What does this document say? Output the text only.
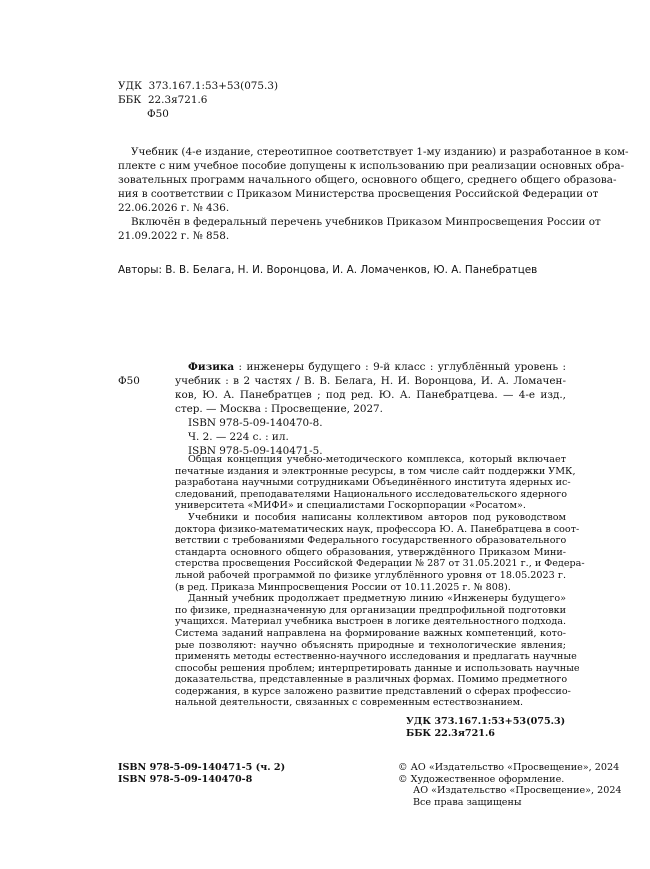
УДК 373.167.1:53+53(075.3)
ББК 22.3я721.6
Ф50
Учебник (4-е издание, стереотипное соответствует 1-му изданию) и разработанное в ком-
плекте с ним учебное пособие допущены к использованию при реализации основных обра-
зовательных программ начального общего, основного общего, среднего общего образова-
ния в соответствии с Приказом Министерства просвещения Российской Федерации от
22.06.2026 г. № 436.
Включён в федеральный перечень учебников Приказом Минпросвещения России от
21.09.2022 г. № 858.
Авторы: В. В. Белага, Н. И. Воронцова, И. А. Ломаченков, Ю. А. Панебратцев
Ф50
Физика : инженеры будущего : 9-й класс : углублённый уровень :
учебник : в 2 частях / В. В. Белага, Н. И. Воронцова, И. А. Ломачен-
ков, Ю. А. Панебратцев ; под ред. Ю. А. Панебратцева. — 4-е изд.,
стер. — Москва : Просвещение, 2027.
ISBN 978-5-09-140470-8.
Ч. 2. — 224 с. : ил.
ISBN 978-5-09-140471-5.
Общая концепция учебно-методического комплекса, который включает
печатные издания и электронные ресурсы, в том числе сайт поддержки УМК,
разработана научными сотрудниками Объединённого института ядерных ис-
следований, преподавателями Национального исследовательского ядерного
университета «МИФИ» и специалистами Госкорпорации «Росатом».
Учебники и пособия написаны коллективом авторов под руководством
доктора физико-математических наук, профессора Ю. А. Панебратцева в соот-
ветствии с требованиями Федерального государственного образовательного
стандарта основного общего образования, утверждённого Приказом Мини-
стерства просвещения Российской Федерации № 287 от 31.05.2021 г., и Федера-
льной рабочей программой по физике углублённого уровня от 18.05.2023 г.
(в ред. Приказа Минпросвещения России от 10.11.2025 г. № 808).
Данный учебник продолжает предметную линию «Инженеры будущего»
по физике, предназначенную для организации предпрофильной подготовки
учащихся. Материал учебника выстроен в логике деятельностного подхода.
Система заданий направлена на формирование важных компетенций, кото-
рые позволяют: научно объяснять природные и технологические явления;
применять методы естественно-научного исследования и предлагать научные
способы решения проблем; интерпретировать данные и использовать научные
доказательства, представленные в различных формах. Помимо предметного
содержания, в курсе заложено развитие представлений о сферах профессио-
нальной деятельности, связанных с современным естествознанием.
УДК 373.167.1:53+53(075.3)
ББК 22.3я721.6
ISBN 978-5-09-140471-5 (ч. 2)
ISBN 978-5-09-140470-8
© АО «Издательство «Просвещение», 2024
© Художественное оформление.
АО «Издательство «Просвещение», 2024
Все права защищены
